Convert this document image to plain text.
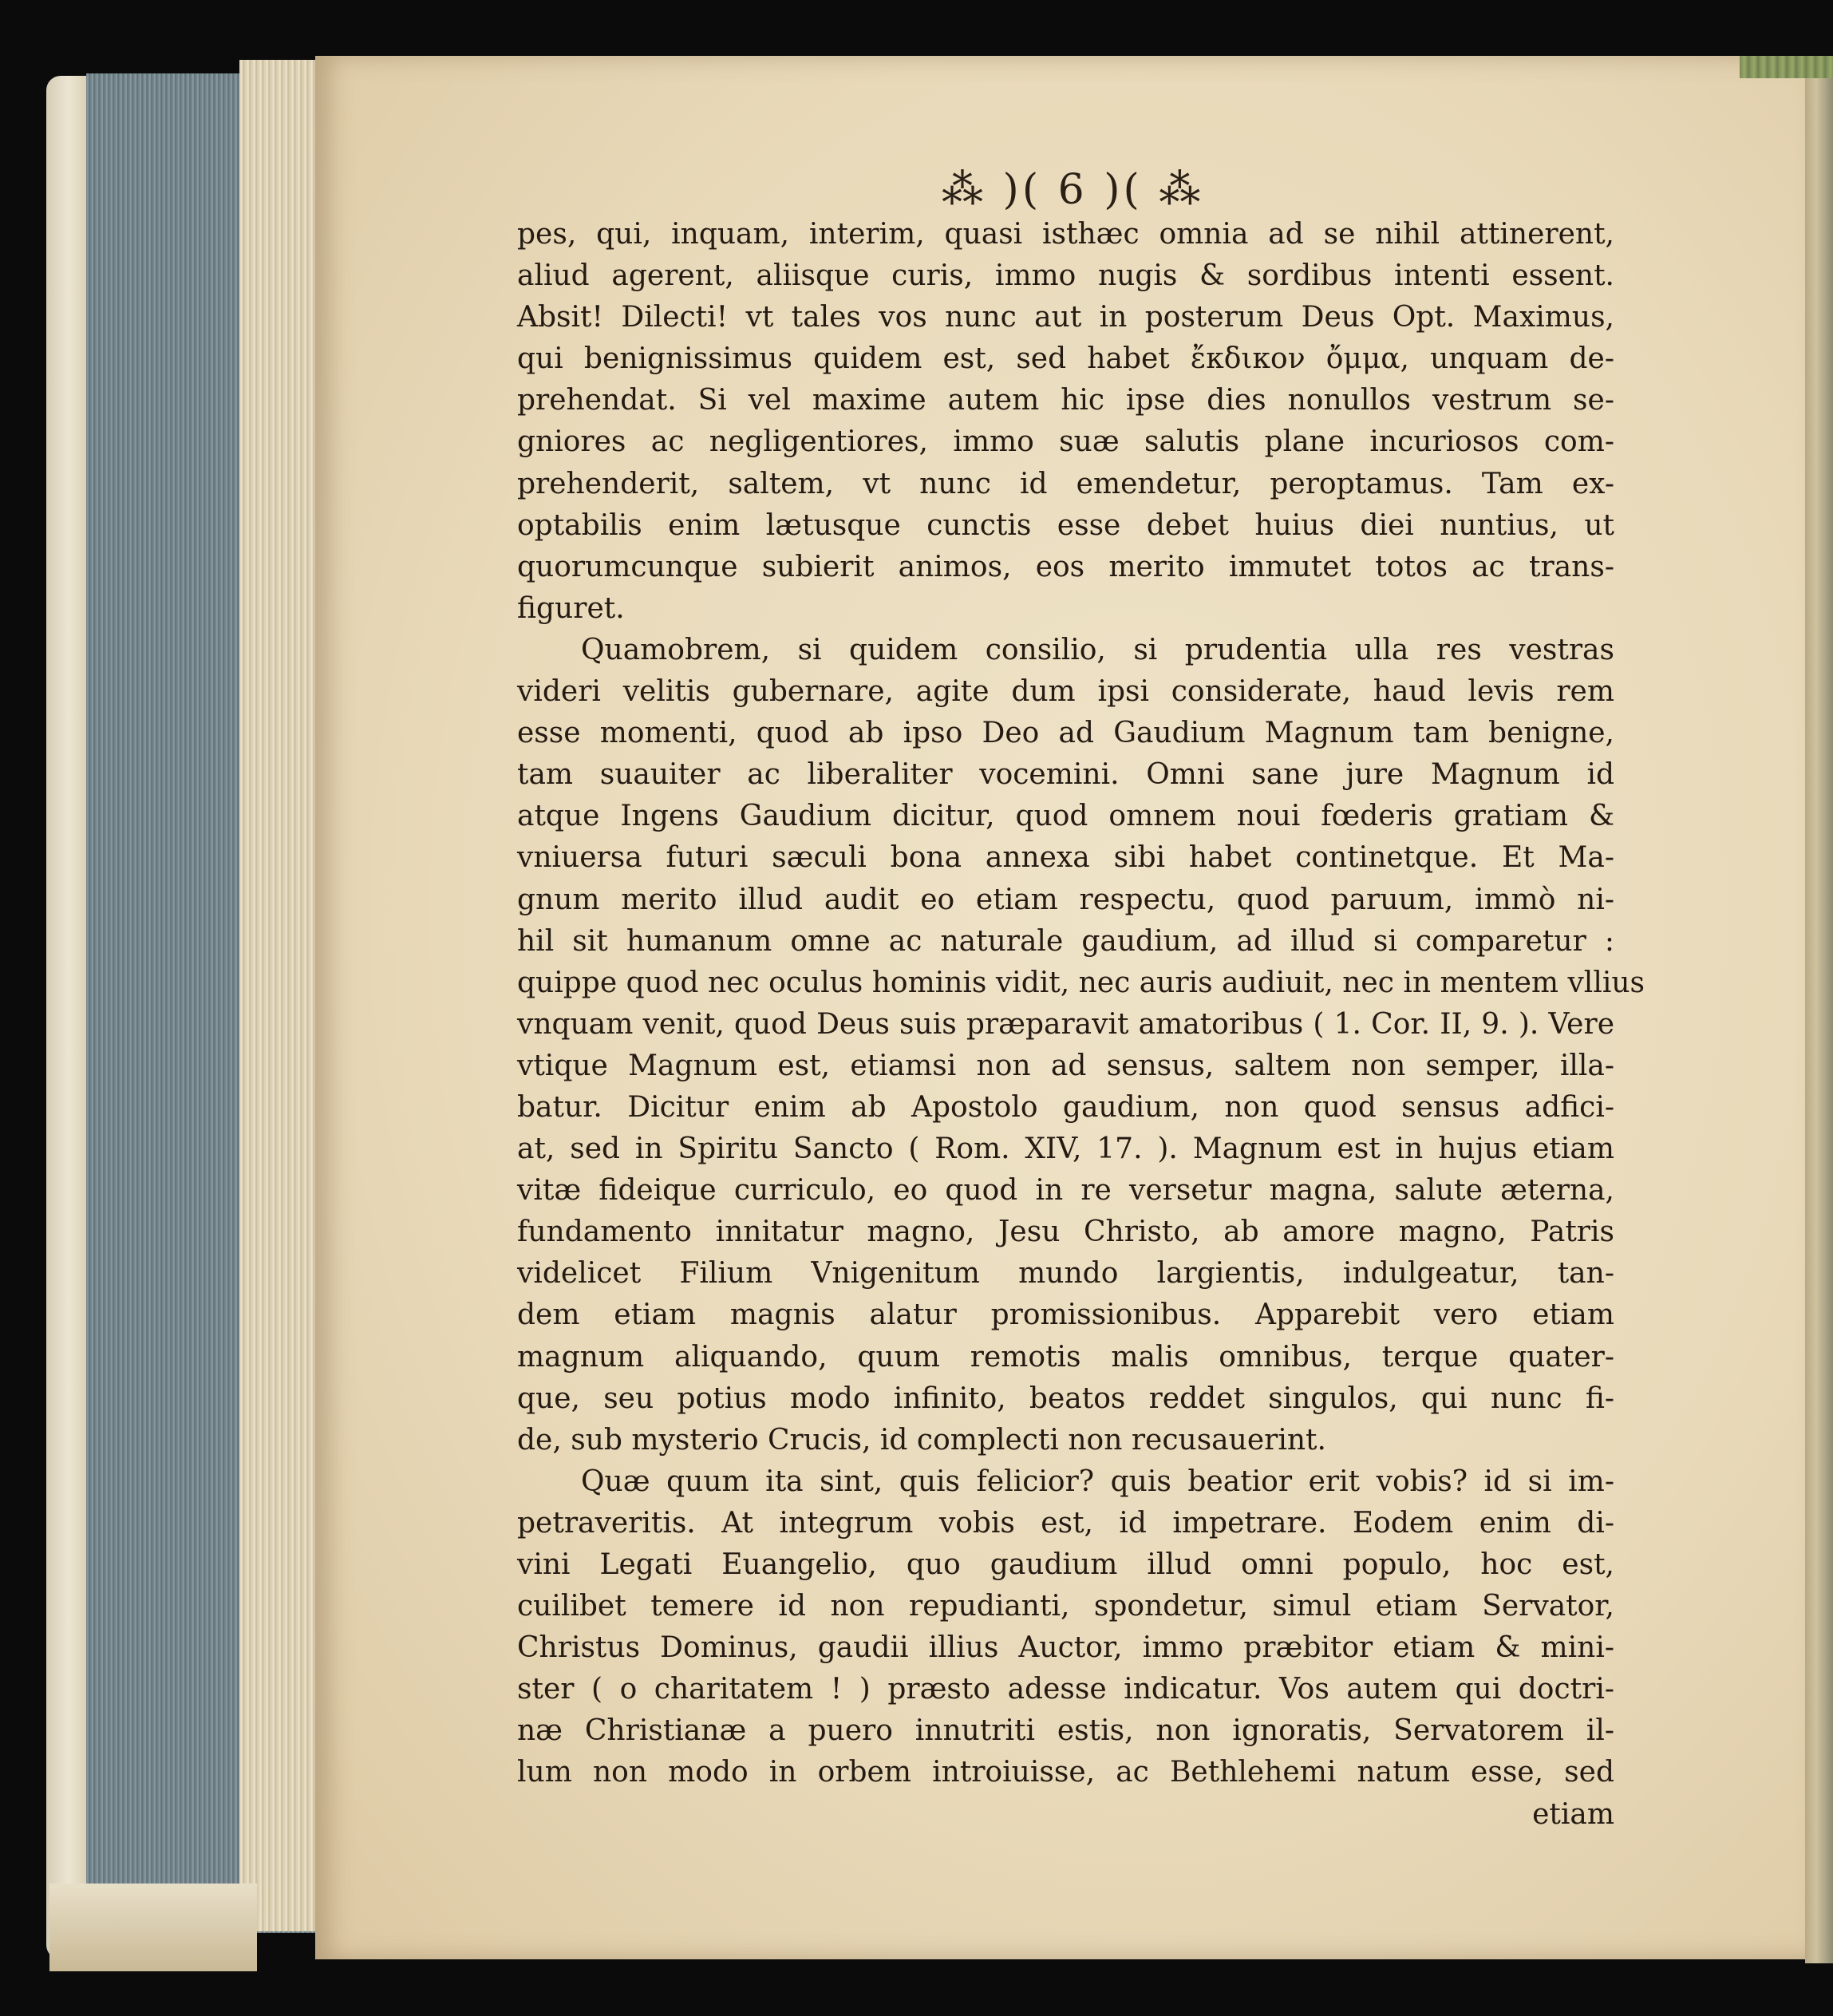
⁂ )( 6 )( ⁂
pes, qui, inquam, interim, quasi isthæc omnia ad se nihil attinerent,
aliud agerent, aliisque curis, immo nugis & sordibus intenti essent.
Absit! Dilecti! vt tales vos nunc aut in posterum Deus Opt. Maximus,
qui benignissimus quidem est, sed habet ἔκδικον ὄμμα, unquam de-
prehendat. Si vel maxime autem hic ipse dies nonullos vestrum se-
gniores ac negligentiores, immo suæ salutis plane incuriosos com-
prehenderit, saltem, vt nunc id emendetur, peroptamus. Tam ex-
optabilis enim lætusque cunctis esse debet huius diei nuntius, ut
quorumcunque subierit animos, eos merito immutet totos ac trans-
figuret.
Quamobrem, si quidem consilio, si prudentia ulla res vestras
videri velitis gubernare, agite dum ipsi considerate, haud levis rem
esse momenti, quod ab ipso Deo ad Gaudium Magnum tam benigne,
tam suauiter ac liberaliter vocemini. Omni sane jure Magnum id
atque Ingens Gaudium dicitur, quod omnem noui fœderis gratiam &
vniuersa futuri sæculi bona annexa sibi habet continetque. Et Ma-
gnum merito illud audit eo etiam respectu, quod paruum, immò ni-
hil sit humanum omne ac naturale gaudium, ad illud si comparetur :
quippe quod nec oculus hominis vidit, nec auris audiuit, nec in mentem vllius
vnquam venit, quod Deus suis præparavit amatoribus ( 1. Cor. II, 9. ). Vere
vtique Magnum est, etiamsi non ad sensus, saltem non semper, illa-
batur. Dicitur enim ab Apostolo gaudium, non quod sensus adfici-
at, sed in Spiritu Sancto ( Rom. XIV, 17. ). Magnum est in hujus etiam
vitæ fideique curriculo, eo quod in re versetur magna, salute æterna,
fundamento innitatur magno, Jesu Christo, ab amore magno, Patris
videlicet Filium Vnigenitum mundo largientis, indulgeatur, tan-
dem etiam magnis alatur promissionibus. Apparebit vero etiam
magnum aliquando, quum remotis malis omnibus, terque quater-
que, seu potius modo infinito, beatos reddet singulos, qui nunc fi-
de, sub mysterio Crucis, id complecti non recusauerint.
Quæ quum ita sint, quis felicior? quis beatior erit vobis? id si im-
petraveritis. At integrum vobis est, id impetrare. Eodem enim di-
vini Legati Euangelio, quo gaudium illud omni populo, hoc est,
cuilibet temere id non repudianti, spondetur, simul etiam Servator,
Christus Dominus, gaudii illius Auctor, immo præbitor etiam & mini-
ster ( o charitatem ! ) præsto adesse indicatur. Vos autem qui doctri-
næ Christianæ a puero innutriti estis, non ignoratis, Servatorem il-
lum non modo in orbem introiuisse, ac Bethlehemi natum esse, sed
etiam
